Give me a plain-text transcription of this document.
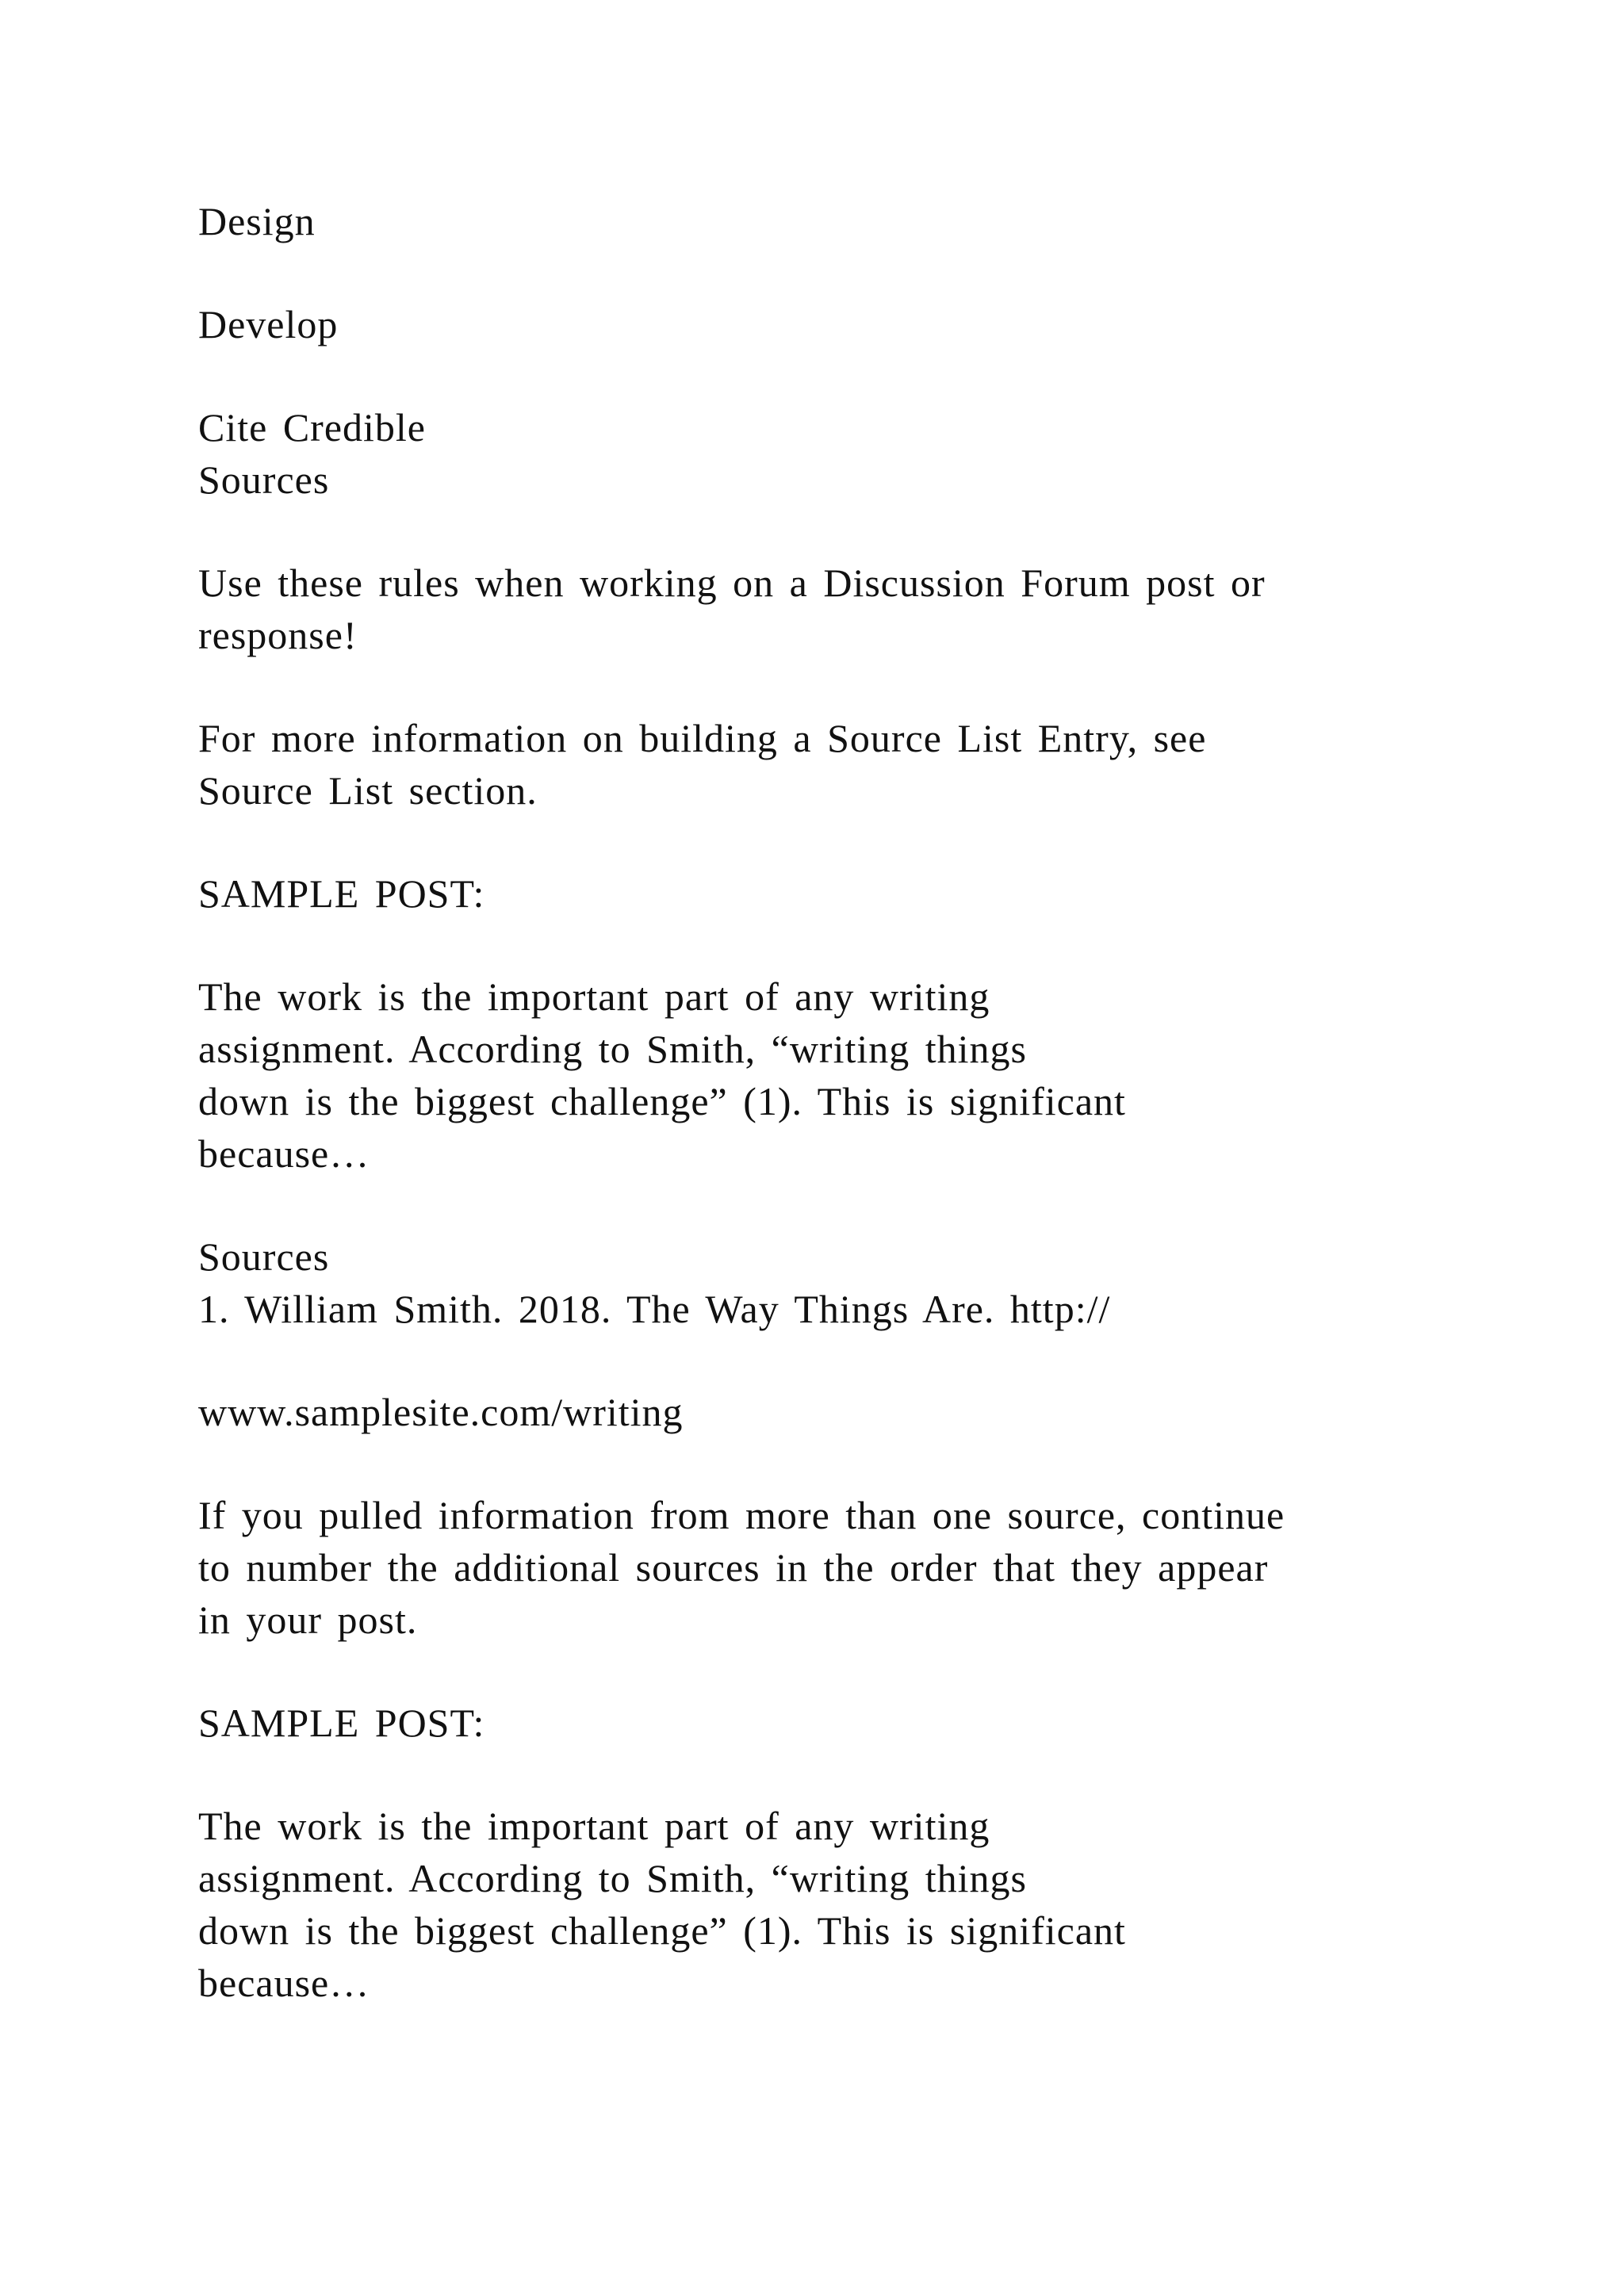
Design

Develop

Cite Credible
Sources

Use these rules when working on a Discussion Forum post or
response!

For more information on building a Source List Entry, see
Source List section.

SAMPLE POST:

The work is the important part of any writing
assignment. According to Smith, “writing things
down is the biggest challenge” (1). This is significant
because…

Sources
1. William Smith. 2018. The Way Things Are. http://

www.samplesite.com/writing

If you pulled information from more than one source, continue
to number the additional sources in the order that they appear
in your post.

SAMPLE POST:

The work is the important part of any writing
assignment. According to Smith, “writing things
down is the biggest challenge” (1). This is significant
because…
